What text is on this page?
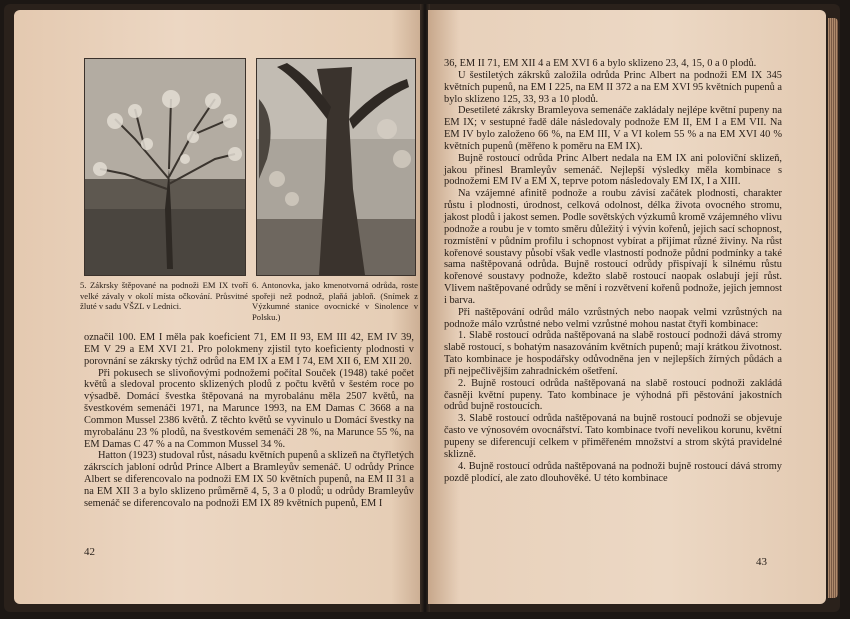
5. Zákrsky štěpované na podnoži EM IX tvoří velké závaly v okolí místa očkování. Průsvitné žluté v sadu VŠZL v Lednici.
6. Antonovka, jako kmenotvorná odrůda, roste spořeji než podnož, plaňá jabloň. (Snímek z Výzkumné stanice ovocnické v Sinolence v Polsku.)

označil 100. EM I měla pak koeficient 71, EM II 93, EM III 42, EM IV 39, EM V 29 a EM XVI 21. Pro polokmeny zjistil tyto koeficienty plodnosti v porovnání se zákrsky týchž odrůd na EM IX a EM I 74, EM XII 6, EM XII 20.

Při pokusech se slivoňovými podnožemi počítal Souček (1948) také počet květů a sledoval procento sklizených plodů z počtu květů v šestém roce po výsadbě. Domácí švestka štěpovaná na myrobalánu měla 2507 květů, na švestkovém semenáči 1971, na Marunce 1993, na EM Damas C 3668 a na Common Mussel 2386 květů. Z těchto květů se vyvinulo u Domácí švestky na myrobalánu 23 % plodů, na švestkovém semenáči 28 %, na Marunce 55 %, na EM Damas C 47 % a na Common Mussel 34 %.

Hatton (1923) studoval růst, násadu květních pupenů a sklizeň na čtyřletých zákrscích jabloní odrůd Prince Albert a Bramleyův semenáč. U odrůdy Prince Albert se diferencovalo na podnoži EM IX 50 květních pupenů, na EM II 31 a na EM XII 3 a bylo sklizeno průměrně 4, 5, 3 a 0 plodů; u odrůdy Bramleyův semenáč se diferencovalo na podnoži EM IX 89 květních pupenů, EM I

42

36, EM II 71, EM XII 4 a EM XVI 6 a bylo sklizeno 23, 4, 15, 0 a 0 plodů.

U šestiletých zákrsků založila odrůda Princ Albert na podnoži EM IX 345 květních pupenů, na EM I 225, na EM II 372 a na EM XVI 95 květních pupenů a bylo sklizeno 125, 33, 93 a 10 plodů.

Desetileté zákrsky Bramleyova semenáče zakládaly nejlépe květní pupeny na EM IX; v sestupné řadě dále následovaly podnože EM II, EM I a EM VII. Na EM IV bylo založeno 66 %, na EM III, V a VI kolem 55 % a na EM XVI 40 % květních pupenů (měřeno k poměru na EM IX).

Bujně rostoucí odrůda Princ Albert nedala na EM IX ani poloviční sklizeň, jakou přinesl Bramleyův semenáč. Nejlepší výsledky měla kombinace s podnožemi EM IV a EM X, teprve potom následovaly EM IX, I a XIII.

Na vzájemné afinitě podnože a roubu závisí začátek plodnosti, charakter růstu i plodnosti, úrodnost, celková odolnost, délka života ovocného stromu, jakost plodů i jakost semen. Podle sovětských výzkumů kromě vzájemného vlivu podnože a roubu je v tomto směru důležitý i vývin kořenů, jejich sací schopnost, rozmístění v půdním profilu i schopnost vybírat a přijímat různé živiny. Na růst kořenové soustavy působí však vedle vlastností podnože půdní podmínky a také sama naštěpovaná odrůda. Bujně rostoucí odrůdy přispívají k silnému růstu kořenové soustavy podnože, kdežto slabě rostoucí naopak oslabují její růst. Vlivem naštěpované odrůdy se mění i rozvětvení kořenů podnože, jejich jemnost i barva.

Při naštěpování odrůd málo vzrůstných nebo naopak velmi vzrůstných na podnože málo vzrůstné nebo velmi vzrůstné mohou nastat čtyři kombinace:

1. Slabě rostoucí odrůda naštěpovaná na slabě rostoucí podnoži dává stromy slabě rostoucí, s bohatým nasazováním květních pupenů; mají krátkou životnost. Tato kombinace je hospodářsky odůvodněna jen v nejlepších žírných půdách a při nejpečlivějším zahradnickém ošetření.

2. Bujně rostoucí odrůda naštěpovaná na slabě rostoucí podnoži zakládá časněji květní pupeny. Tato kombinace je výhodná při pěstování jakostních odrůd bujně rostoucích.

3. Slabě rostoucí odrůda naštěpovaná na bujně rostoucí podnoži se objevuje často ve výnosovém ovocnářství. Tato kombinace tvoří nevelikou korunu, květní pupeny se diferencují celkem v přiměřeném množství a strom skýtá pravidelné sklizně.

4. Bujně rostoucí odrůda naštěpovaná na podnoži bujně rostoucí dává stromy pozdě plodící, ale zato dlouhověké. U této kombinace

43
